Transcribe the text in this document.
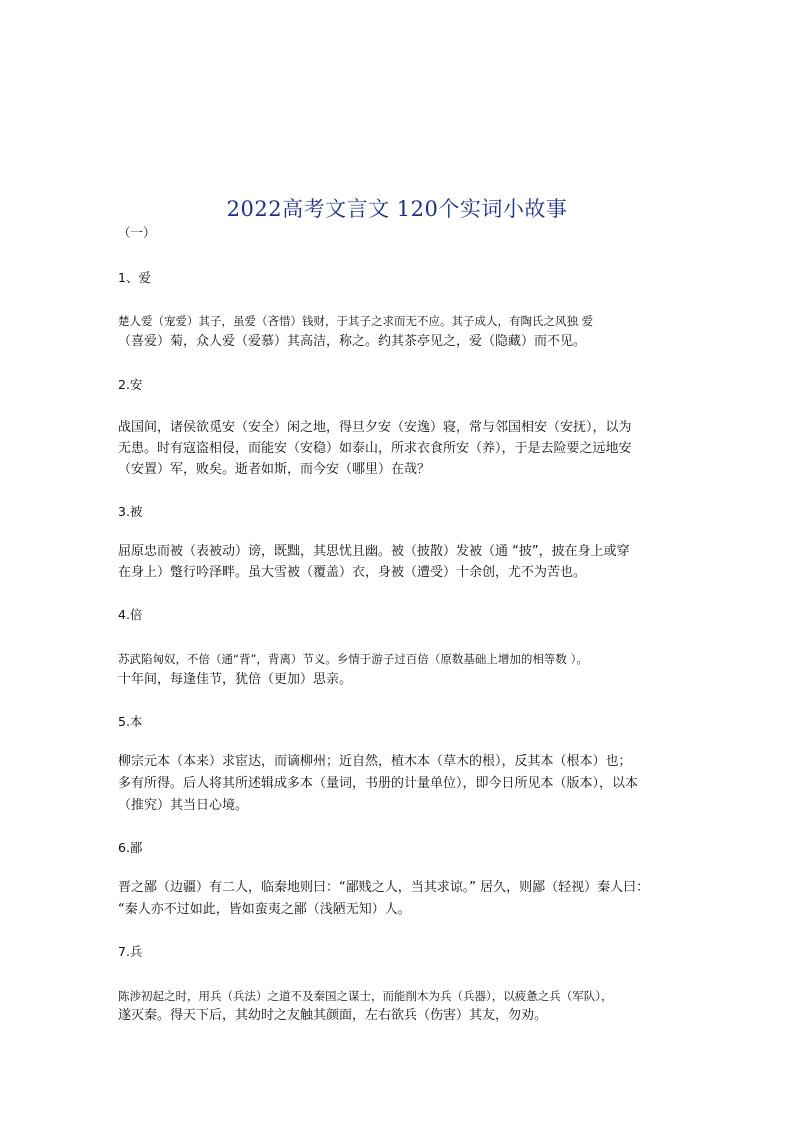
2022高考文言文 120个实词小故事
（一）
1、爱
楚人爱（宠爱）其子，虽爱（吝惜）钱财，于其子之求而无不应。其子成人，有陶氏之风独 爱
（喜爱）菊，众人爱（爱慕）其高洁，称之。约其茶亭见之，爱（隐藏）而不见。
2.安
战国间，诸侯欲觅安（安全）闲之地，得旦夕安（安逸）寝，常与邻国相安（安抚），以为
无患。时有寇盗相侵，而能安（安稳）如泰山，所求衣食所安（养），于是去险要之远地安
（安置）军，败矣。逝者如斯，而今安（哪里）在哉？
3.被
屈原忠而被（表被动）谤，既黜，其思忧且幽。被（披散）发被（通 “披”，披在身上或穿
在身上）蹩行吟泽畔。虽大雪被（覆盖）衣，身被（遭受）十余创，尤不为苦也。
4.倍
苏武陷匈奴，不倍（通“背”，背离）节义。乡情于游子过百倍（原数基础上增加的相等数 ）。
十年间，每逢佳节，犹倍（更加）思亲。
5.本
柳宗元本（本来）求宦达，而谪柳州；近自然，植木本（草木的根），反其本（根本）也；
多有所得。后人将其所述辑成多本（量词，书册的计量单位），即今日所见本（版本），以本
（推究）其当日心境。
6.鄙
晋之鄙（边疆）有二人，临秦地则曰：“鄙贱之人，当其求谅。” 居久，则鄙（轻视）秦人曰：
“秦人亦不过如此，皆如蛮夷之鄙（浅陋无知）人。
7.兵
陈涉初起之时，用兵（兵法）之道不及秦国之谋士，而能削木为兵（兵器），以疲惫之兵（军队），
遂灭秦。得天下后，其幼时之友触其颜面，左右欲兵（伤害）其友，勿劝。
